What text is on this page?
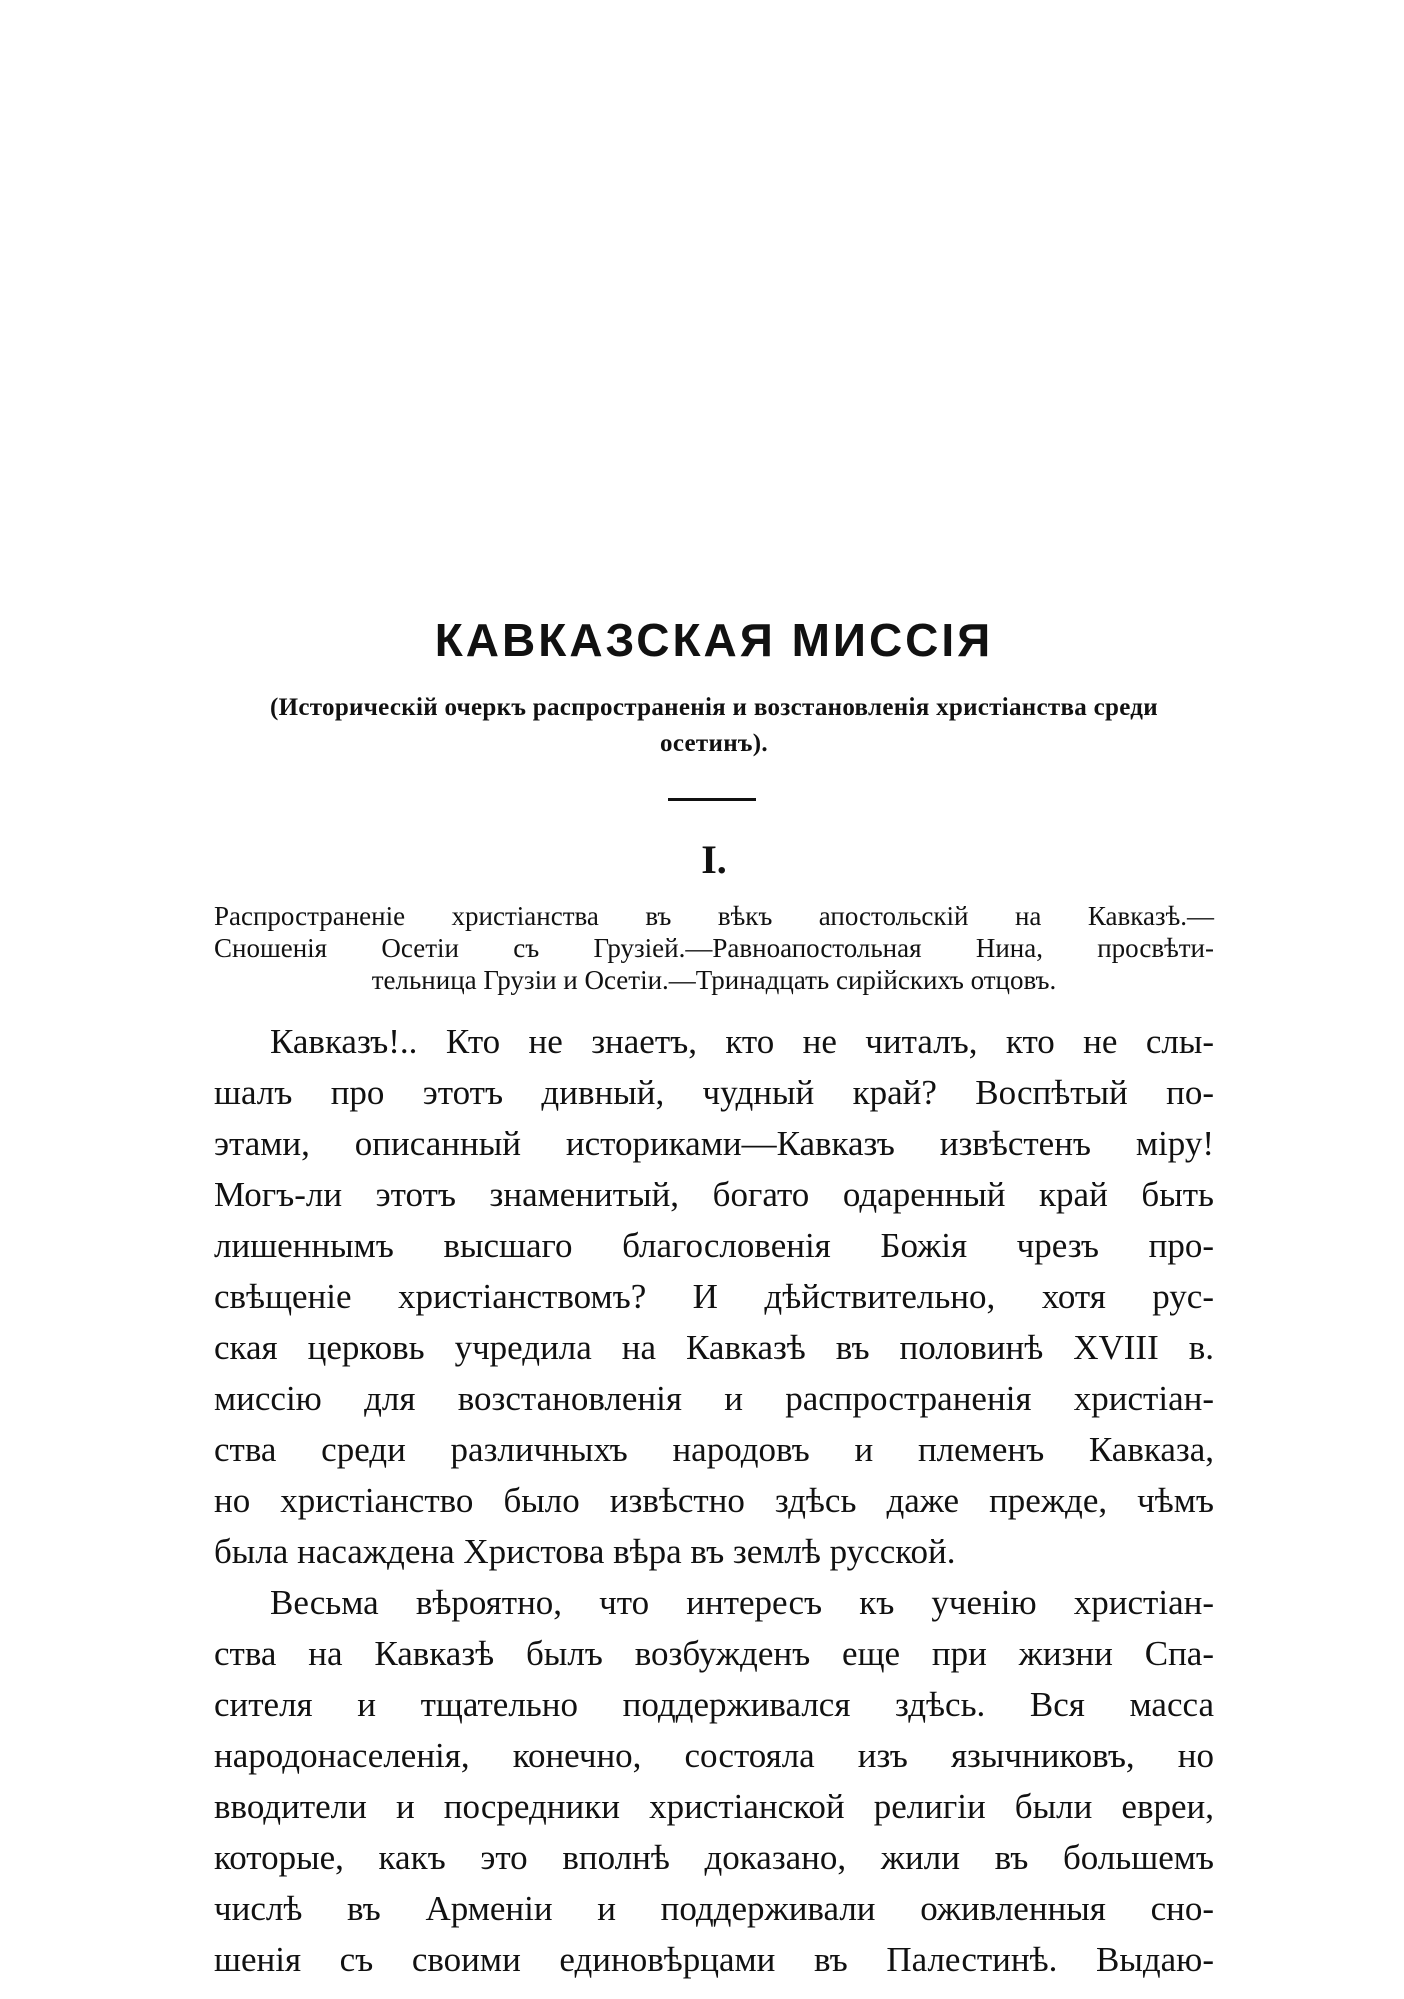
КАВКАЗСКАЯ МИССІЯ

(Историческій очеркъ распространенія и возстановленія христіанства среди
осетинъ).

I.

Распространеніе христіанства въ вѣкъ апостольскій на Кавказѣ.—
Сношенія Осетіи съ Грузіей.—Равноапостольная Нина, просвѣти-
тельница Грузіи и Осетіи.—Тринадцать сирійскихъ отцовъ.

Кавказъ!.. Кто не знаетъ, кто не читалъ, кто не слы-
шалъ про этотъ дивный, чудный край? Воспѣтый по-
этами, описанный историками—Кавказъ извѣстенъ міру!
Могъ-ли этотъ знаменитый, богато одаренный край быть
лишеннымъ высшаго благословенія Божія чрезъ про-
свѣщеніе христіанствомъ? И дѣйствительно, хотя рус-
ская церковь учредила на Кавказѣ въ половинѣ XVIII в.
миссію для возстановленія и распространенія христіан-
ства среди различныхъ народовъ и племенъ Кавказа,
но христіанство было извѣстно здѣсь даже прежде, чѣмъ
была насаждена Христова вѣра въ землѣ русской.
Весьма вѣроятно, что интересъ къ ученію христіан-
ства на Кавказѣ былъ возбужденъ еще при жизни Спа-
сителя и тщательно поддерживался здѣсь. Вся масса
народонаселенія, конечно, состояла изъ язычниковъ, но
вводители и посредники христіанской религіи были евреи,
которые, какъ это вполнѣ доказано, жили въ большемъ
числѣ въ Арменіи и поддерживали оживленныя сно-
шенія съ своими единовѣрцами въ Палестинѣ. Выдаю-
